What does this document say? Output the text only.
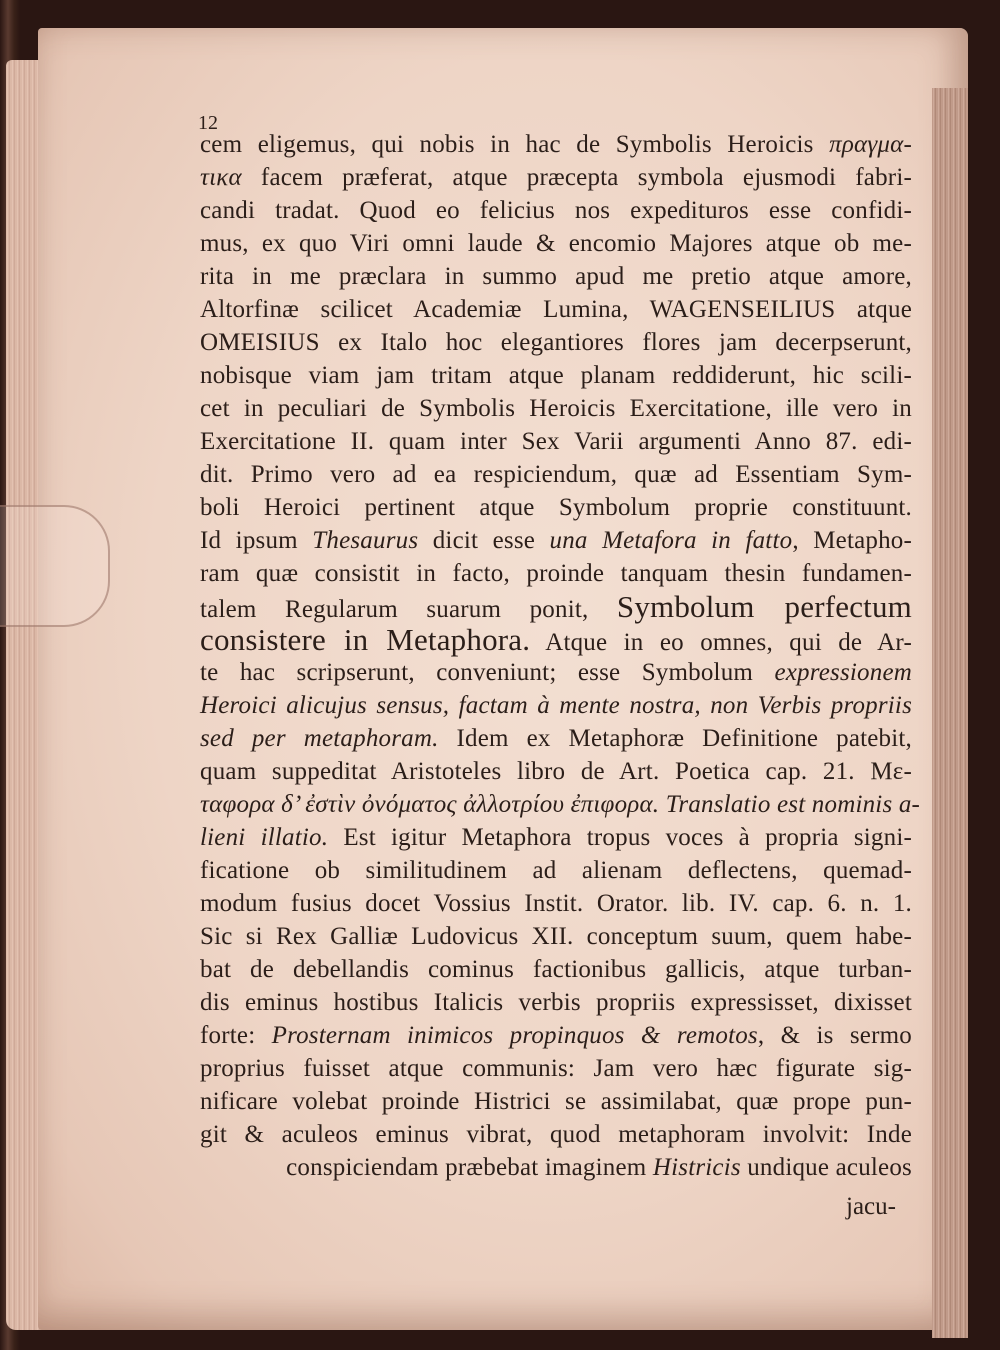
12
cem eligemus, qui nobis in hac de Symbolis Heroicis πραγμα-
τικα facem præferat, atque præcepta symbola ejusmodi fabri-
candi tradat. Quod eo felicius nos expedituros esse confidi-
mus, ex quo Viri omni laude & encomio Majores atque ob me-
rita in me præclara in summo apud me pretio atque amore,
Altorfinæ scilicet Academiæ Lumina, WAGENSEILIUS atque
OMEISIUS ex Italo hoc elegantiores flores jam decerpserunt,
nobisque viam jam tritam atque planam reddiderunt, hic scili-
cet in peculiari de Symbolis Heroicis Exercitatione, ille vero in
Exercitatione II. quam inter Sex Varii argumenti Anno 87. edi-
dit. Primo vero ad ea respiciendum, quæ ad Essentiam Sym-
boli Heroici pertinent atque Symbolum proprie constituunt.
Id ipsum Thesaurus dicit esse una Metafora in fatto, Metapho-
ram quæ consistit in facto, proinde tanquam thesin fundamen-
talem Regularum suarum ponit, Symbolum perfectum
consistere in Metaphora. Atque in eo omnes, qui de Ar-
te hac scripserunt, conveniunt; esse Symbolum expressionem
Heroici alicujus sensus, factam à mente nostra, non Verbis propriis
sed per metaphoram. Idem ex Metaphoræ Definitione patebit,
quam suppeditat Aristoteles libro de Art. Poetica cap. 21. Με-
ταφορα δ’ ἐστὶν ὀνόματος ἀλλοτρίου ἐπιφορα. Translatio est nominis a-
lieni illatio. Est igitur Metaphora tropus voces à propria signi-
ficatione ob similitudinem ad alienam deflectens, quemad-
modum fusius docet Vossius Instit. Orator. lib. IV. cap. 6. n. 1.
Sic si Rex Galliæ Ludovicus XII. conceptum suum, quem habe-
bat de debellandis cominus factionibus gallicis, atque turban-
dis eminus hostibus Italicis verbis propriis expressisset, dixisset
forte: Prosternam inimicos propinquos & remotos, & is sermo
proprius fuisset atque communis: Jam vero hæc figurate sig-
nificare volebat proinde Histrici se assimilabat, quæ prope pun-
git & aculeos eminus vibrat, quod metaphoram involvit: Inde
conspiciendam præbebat imaginem Histricis undique aculeos
jacu-
